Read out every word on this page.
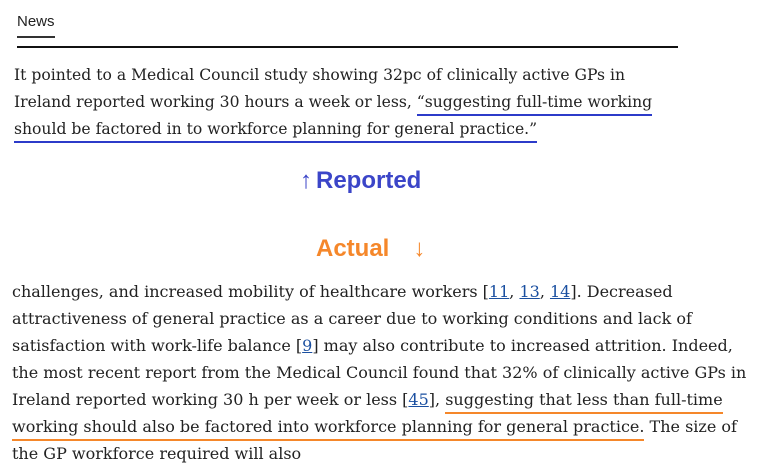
News
It pointed to a Medical Council study showing 32pc of clinically active GPs in Ireland reported working 30 hours a week or less, “suggesting full-time working should be factored in to workforce planning for general practice.”
↑ Reported
Actual ↓
challenges, and increased mobility of healthcare workers [11, 13, 14]. Decreased attractiveness of general practice as a career due to working conditions and lack of satisfaction with work-life balance [9] may also contribute to increased attrition. Indeed, the most recent report from the Medical Council found that 32% of clinically active GPs in Ireland reported working 30 h per week or less [45], suggesting that less than full-time working should also be factored into workforce planning for general practice. The size of the GP workforce required will also
